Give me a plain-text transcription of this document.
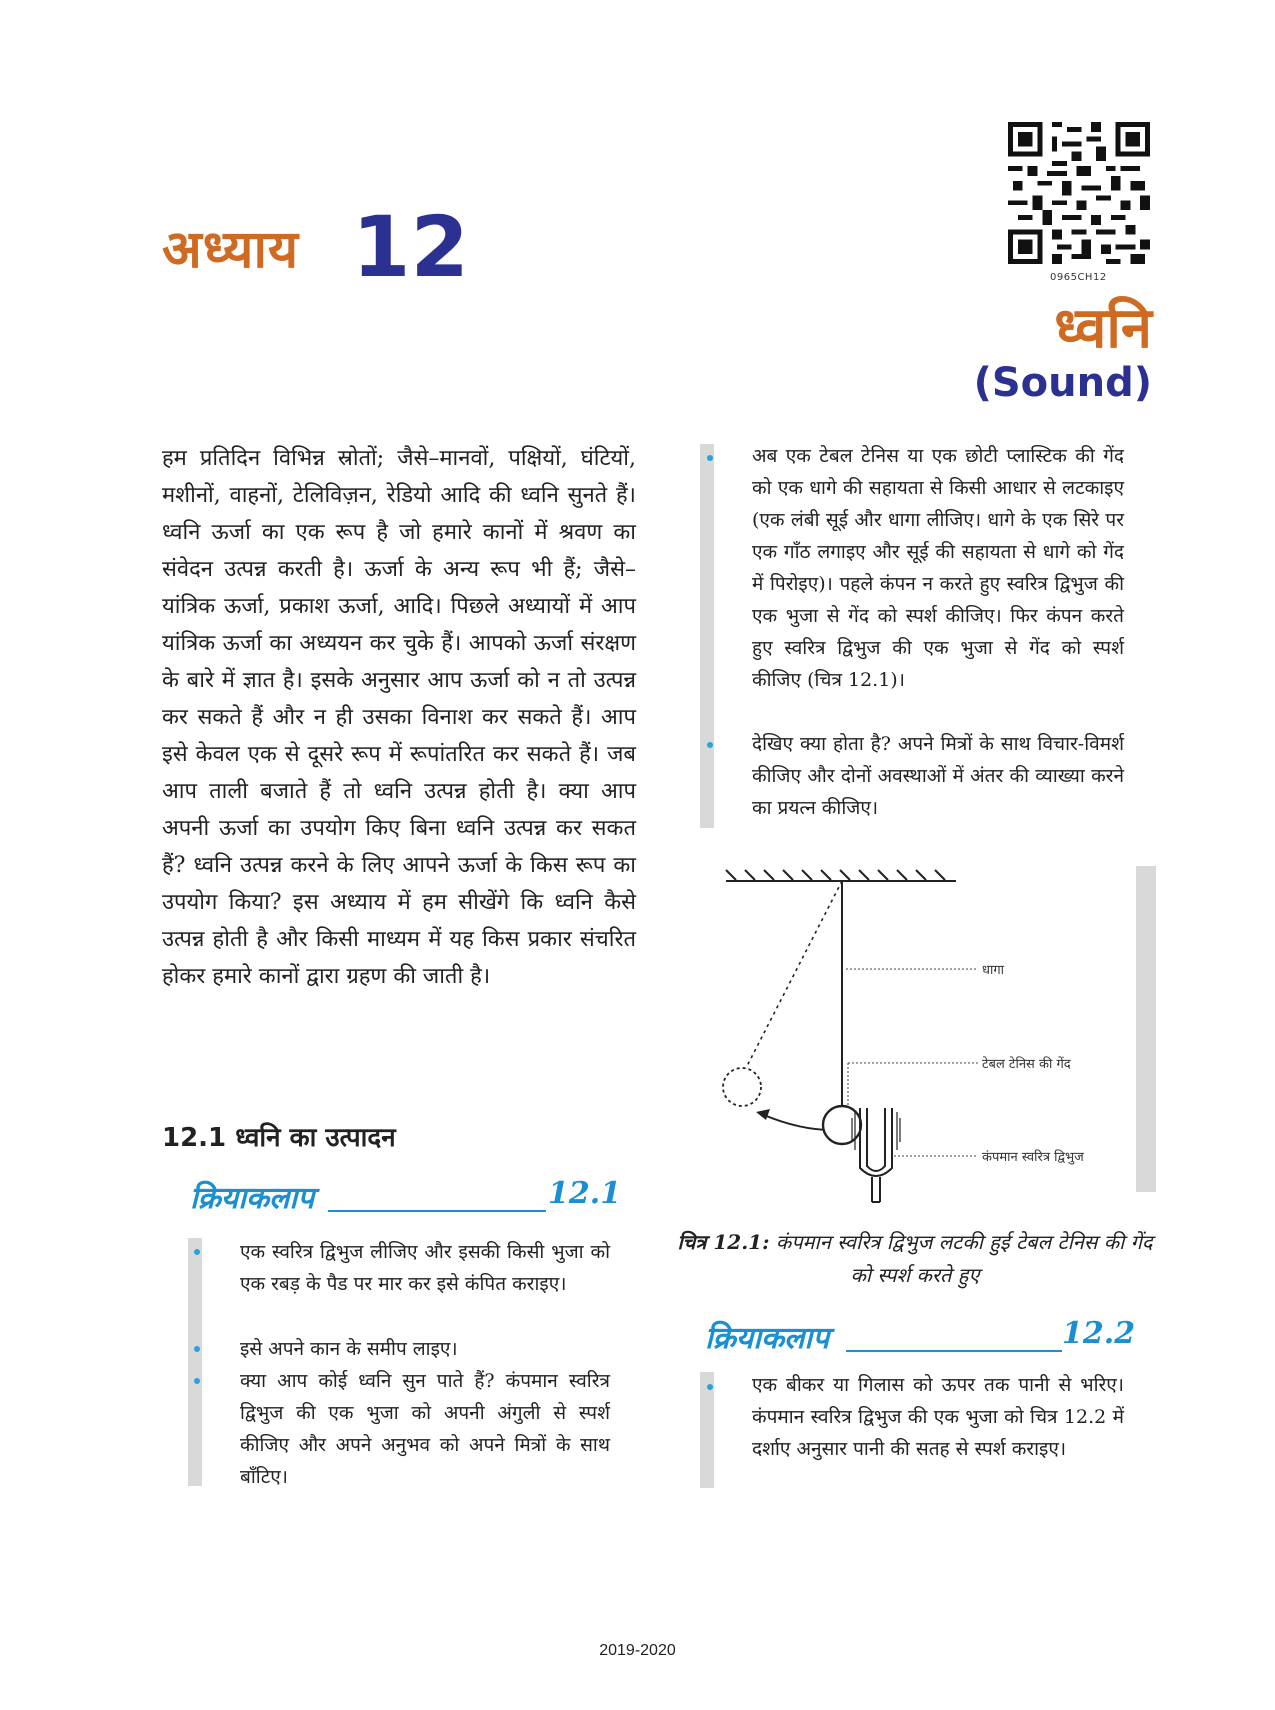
अध्याय 12	0965CH12
ध्वनि
(Sound)
हम प्रतिदिन विभिन्न स्रोतों; जैसे–मानवों, पक्षियों, घंटियों, मशीनों, वाहनों, टेलिविज़न, रेडियो आदि की ध्वनि सुनते हैं। ध्वनि ऊर्जा का एक रूप है जो हमारे कानों में श्रवण का संवेदन उत्पन्न करती है। ऊर्जा के अन्य रूप भी हैं; जैसे–यांत्रिक ऊर्जा, प्रकाश ऊर्जा, आदि। पिछले अध्यायों में आप यांत्रिक ऊर्जा का अध्ययन कर चुके हैं। आपको ऊर्जा संरक्षण के बारे में ज्ञात है। इसके अनुसार आप ऊर्जा को न तो उत्पन्न कर सकते हैं और न ही उसका विनाश कर सकते हैं। आप इसे केवल एक से दूसरे रूप में रूपांतरित कर सकते हैं। जब आप ताली बजाते हैं तो ध्वनि उत्पन्न होती है। क्या आप अपनी ऊर्जा का उपयोग किए बिना ध्वनि उत्पन्न कर सकत हैं? ध्वनि उत्पन्न करने के लिए आपने ऊर्जा के किस रूप का उपयोग किया? इस अध्याय में हम सीखेंगे कि ध्वनि कैसे उत्पन्न होती है और किसी माध्यम में यह किस प्रकार संचरित होकर हमारे कानों द्वारा ग्रहण की जाती है।
12.1 ध्वनि का उत्पादन
क्रियाकलाप	12.1
एक स्वरित्र द्विभुज लीजिए और इसकी किसी भुजा को एक रबड़ के पैड पर मार कर इसे कंपित कराइए।
इसे अपने कान के समीप लाइए।
क्या आप कोई ध्वनि सुन पाते हैं? कंपमान स्वरित्र द्विभुज की एक भुजा को अपनी अंगुली से स्पर्श कीजिए और अपने अनुभव को अपने मित्रों के साथ बाँटिए।
अब एक टेबल टेनिस या एक छोटी प्लास्टिक की गेंद को एक धागे की सहायता से किसी आधार से लटकाइए (एक लंबी सूई और धागा लीजिए। धागे के एक सिरे पर एक गाँठ लगाइए और सूई की सहायता से धागे को गेंद में पिरोइए)। पहले कंपन न करते हुए स्वरित्र द्विभुज की एक भुजा से गेंद को स्पर्श कीजिए। फिर कंपन करते हुए स्वरित्र द्विभुज की एक भुजा से गेंद को स्पर्श कीजिए (चित्र 12.1)।
देखिए क्या होता है? अपने मित्रों के साथ विचार-विमर्श कीजिए और दोनों अवस्थाओं में अंतर की व्याख्या करने का प्रयत्न कीजिए।
धागा
टेबल टेनिस की गेंद
कंपमान स्वरित्र द्विभुज
चित्र 12.1: कंपमान स्वरित्र द्विभुज लटकी हुई टेबल टेनिस की गेंद को स्पर्श करते हुए
क्रियाकलाप	12.2
एक बीकर या गिलास को ऊपर तक पानी से भरिए। कंपमान स्वरित्र द्विभुज की एक भुजा को चित्र 12.2 में दर्शाए अनुसार पानी की सतह से स्पर्श कराइए।
2019-2020
